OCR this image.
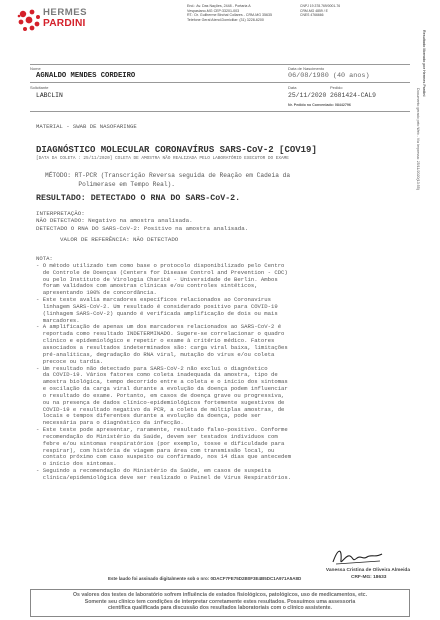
HERMES
PARDINI
End.: Av. Das Nações, 2448 - Portaria A
Vespasiano-MG CEP:33201-003
RT.: Dr. Guilherme Birchal Collares - CRM-MG 35635
Telefone Geral Atend.Domiciliar: (31) 3228-6200
CNPJ 19.378.769/0001-76
CRM-MG 4859 / E
CNES 4766666
Nome
AGNALDO MENDES CORDEIRO
Data de Nascimento
06/08/1980 (40 anos)
Solicitante
LABCLIN
Data	Pedido
25/11/2020 2681424-CAL9
Nr. Pedido no Conveniado: 08442796
Resultado liberado por Hermes Pardini
Documento gerado pelo Web - Via Impressa: 25/11/2020(13:55)
MATERIAL - SWAB DE NASOFARINGE
DIAGNÓSTICO MOLECULAR CORONAVÍRUS SARS-CoV-2 [COV19]
[DATA DA COLETA : 25/11/2020] COLETA DE AMOSTRA NÃO REALIZADA PELO LABORATÓRIO EXECUTOR DO EXAME
MÉTODO: RT-PCR (Transcrição Reversa seguida de Reação em Cadeia da
Polimerase em Tempo Real).
RESULTADO: DETECTADO O RNA DO SARS-CoV-2.
INTERPRETAÇÃO:
NÃO DETECTADO: Negativo na amostra analisada.
DETECTADO O RNA DO SARS-CoV-2: Positivo na amostra analisada.
VALOR DE REFERÊNCIA: NÃO DETECTADO
NOTA:
- O método utilizado tem como base o protocolo disponibilizado pelo Centro
de Controle de Doenças (Centers for Disease Control and Prevention - CDC)
ou pelo Instituto de Virologia Charité - Universidade de Berlin. Ambos
foram validados com amostras clínicas e/ou controles sintéticos,
apresentando 100% de concordância.
- Este teste avalia marcadores específicos relacionados ao Coronavírus
linhagem SARS-CoV-2. Um resultado é considerado positivo para COVID-19
(linhagem SARS-CoV-2) quando é verificada amplificação de dois ou mais
marcadores.
- A amplificação de apenas um dos marcadores relacionados ao SARS-CoV-2 é
reportada como resultado INDETERMINADO. Sugere-se correlacionar o quadro
clínico e epidemiológico e repetir o exame à critério médico. Fatores
associados a resultados indeterminados são: carga viral baixa, limitações
pré-analíticas, degradação do RNA viral, mutação do vírus e/ou coleta
precoce ou tardia.
- Um resultado não detectado para SARS-CoV-2 não exclui o diagnóstico
da COVID-19. Vários fatores como coleta inadequada da amostra, tipo de
amostra biológica, tempo decorrido entre a coleta e o início dos sintomas
e oscilação da carga viral durante a evolução da doença podem influenciar
o resultado do exame. Portanto, em casos de doença grave ou progressiva,
ou na presença de dados clínico-epidemiológicos fortemente sugestivos de
COVID-19 e resultado negativo da PCR, a coleta de múltiplas amostras, de
locais e tempos diferentes durante a evolução da doença, pode ser
necessária para o diagnóstico da infecção.
- Este teste pode apresentar, raramente, resultado falso-positivo. Conforme
recomendação do Ministério da Saúde, devem ser testados indivíduos com
febre e/ou sintomas respiratórios (por exemplo, tosse e dificuldade para
respirar), com história de viagem para área com transmissão local, ou
contato próximo com caso suspeito ou confirmado, nos 14 dias que antecedem
o início dos sintomas.
- Seguindo a recomendação do Ministério da Saúde, em casos de suspeita
clínica/epidemiológica deve ser realizado o Painel de Vírus Respiratórios.
Vanessa Cristina de Oliveira Almeida
CRF-MG: 18633
Este laudo foi assinado digitalmente sob o nro: 0DACF7FE75D2B0F3E4B5DC1A971A5A8D
Os valores dos testes de laboratório sofrem influência de estados fisiológicos, patológicos, uso de medicamentos, etc.
Somente seu clínico tem condições de interpretar corretamente estes resultados. Possuímos uma assessoria
científica qualificada para discussão dos resultados laboratoriais com o clínico assistente.
